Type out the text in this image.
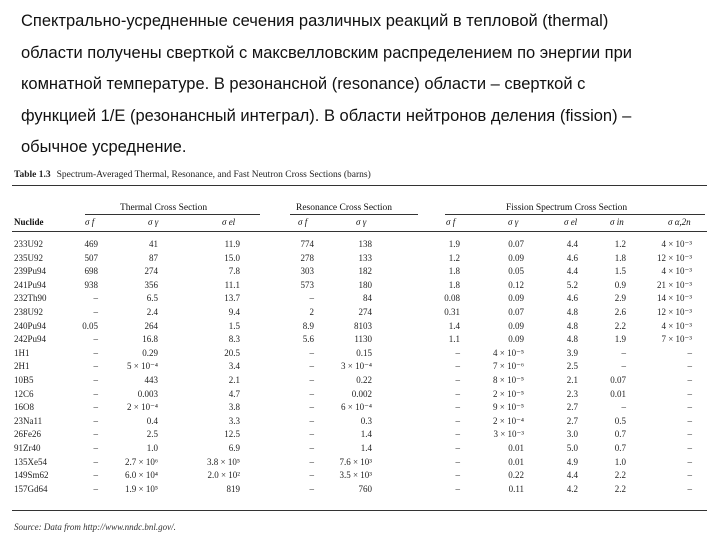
Спектрально-усредненные сечения различных реакций в тепловой (thermal)
области получены сверткой с максвелловским распределением по энергии при
комнатной температуре. В резонансной (resonance) области – сверткой с
функцией 1/E (резонансный интеграл). В области нейтронов деления (fission) –
обычное усреднение.
Table 1.3 Spectrum-Averaged Thermal, Resonance, and Fast Neutron Cross Sections (barns)
Thermal Cross Section	Resonance Cross Section	Fission Spectrum Cross Section
Nuclide	σ f	σ γ	σ el	σ f	σ γ	σ f	σ γ	σ el	σ in	σ α,2n
233U92	469	41	11.9	774	138	1.9	0.07	4.4	1.2	4 × 10⁻³
235U92	507	87	15.0	278	133	1.2	0.09	4.6	1.8	12 × 10⁻³
239Pu94	698	274	7.8	303	182	1.8	0.05	4.4	1.5	4 × 10⁻³
241Pu94	938	356	11.1	573	180	1.8	0.12	5.2	0.9	21 × 10⁻³
232Th90	–	6.5	13.7	–	84	0.08	0.09	4.6	2.9	14 × 10⁻³
238U92	–	2.4	9.4	2	274	0.31	0.07	4.8	2.6	12 × 10⁻³
240Pu94	0.05	264	1.5	8.9	8103	1.4	0.09	4.8	2.2	4 × 10⁻³
242Pu94	–	16.8	8.3	5.6	1130	1.1	0.09	4.8	1.9	7 × 10⁻³
1H1	–	0.29	20.5	–	0.15	–	4 × 10⁻⁵	3.9	–	–
2H1	–	5 × 10⁻⁴	3.4	–	3 × 10⁻⁴	–	7 × 10⁻⁶	2.5	–	–
10B5	–	443	2.1	–	0.22	–	8 × 10⁻⁵	2.1	0.07	–
12C6	–	0.003	4.7	–	0.002	–	2 × 10⁻⁵	2.3	0.01	–
16O8	–	2 × 10⁻⁴	3.8	–	6 × 10⁻⁴	–	9 × 10⁻⁵	2.7	–	–
23Na11	–	0.4	3.3	–	0.3	–	2 × 10⁻⁴	2.7	0.5	–
26Fe26	–	2.5	12.5	–	1.4	–	3 × 10⁻³	3.0	0.7	–
91Zr40	–	1.0	6.9	–	1.4	–	0.01	5.0	0.7	–
135Xe54	–	2.7 × 10⁶	3.8 × 10⁵	–	7.6 × 10³	–	0.01	4.9	1.0	–
149Sm62	–	6.0 × 10⁴	2.0 × 10²	–	3.5 × 10³	–	0.22	4.4	2.2	–
157Gd64	–	1.9 × 10⁵	819	–	760	–	0.11	4.2	2.2	–
Source: Data from http://www.nndc.bnl.gov/.
